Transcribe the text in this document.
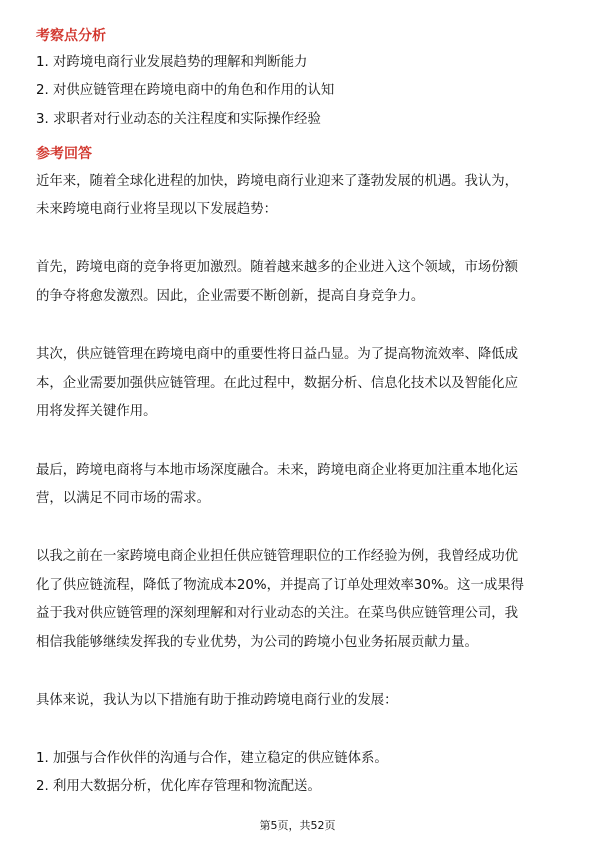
考察点分析
1. 对跨境电商行业发展趋势的理解和判断能力
2. 对供应链管理在跨境电商中的角色和作用的认知
3. 求职者对行业动态的关注程度和实际操作经验
参考回答
近年来，随着全球化进程的加快，跨境电商行业迎来了蓬勃发展的机遇。我认为，
未来跨境电商行业将呈现以下发展趋势：
首先，跨境电商的竞争将更加激烈。随着越来越多的企业进入这个领域，市场份额
的争夺将愈发激烈。因此，企业需要不断创新，提高自身竞争力。
其次，供应链管理在跨境电商中的重要性将日益凸显。为了提高物流效率、降低成
本，企业需要加强供应链管理。在此过程中，数据分析、信息化技术以及智能化应
用将发挥关键作用。
最后，跨境电商将与本地市场深度融合。未来，跨境电商企业将更加注重本地化运
营，以满足不同市场的需求。
以我之前在一家跨境电商企业担任供应链管理职位的工作经验为例，我曾经成功优
化了供应链流程，降低了物流成本20%，并提高了订单处理效率30%。这一成果得
益于我对供应链管理的深刻理解和对行业动态的关注。在菜鸟供应链管理公司，我
相信我能够继续发挥我的专业优势，为公司的跨境小包业务拓展贡献力量。
具体来说，我认为以下措施有助于推动跨境电商行业的发展：
1. 加强与合作伙伴的沟通与合作，建立稳定的供应链体系。
2. 利用大数据分析，优化库存管理和物流配送。
第5页，共52页
